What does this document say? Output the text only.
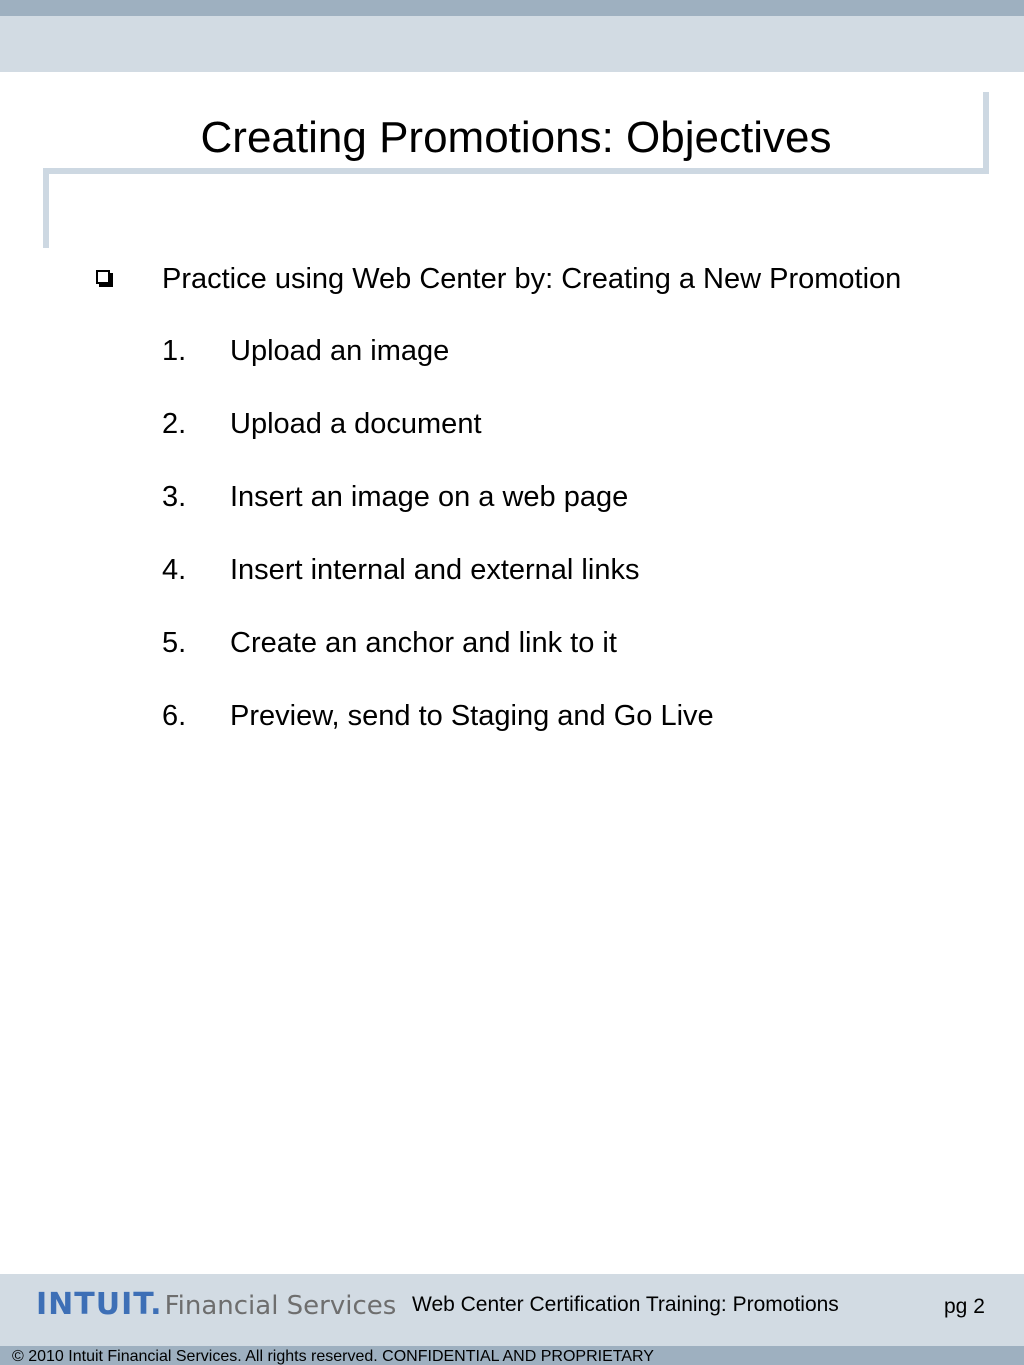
Creating Promotions: Objectives
Practice using Web Center by: Creating a New Promotion
1. Upload an image
2. Upload a document
3. Insert an image on a web page
4. Insert internal and external links
5. Create an anchor and link to it
6. Preview, send to Staging and Go Live
INTUIT.Financial Services Web Center Certification Training: Promotions	pg 2
© 2010 Intuit Financial Services. All rights reserved. CONFIDENTIAL AND PROPRIETARY
